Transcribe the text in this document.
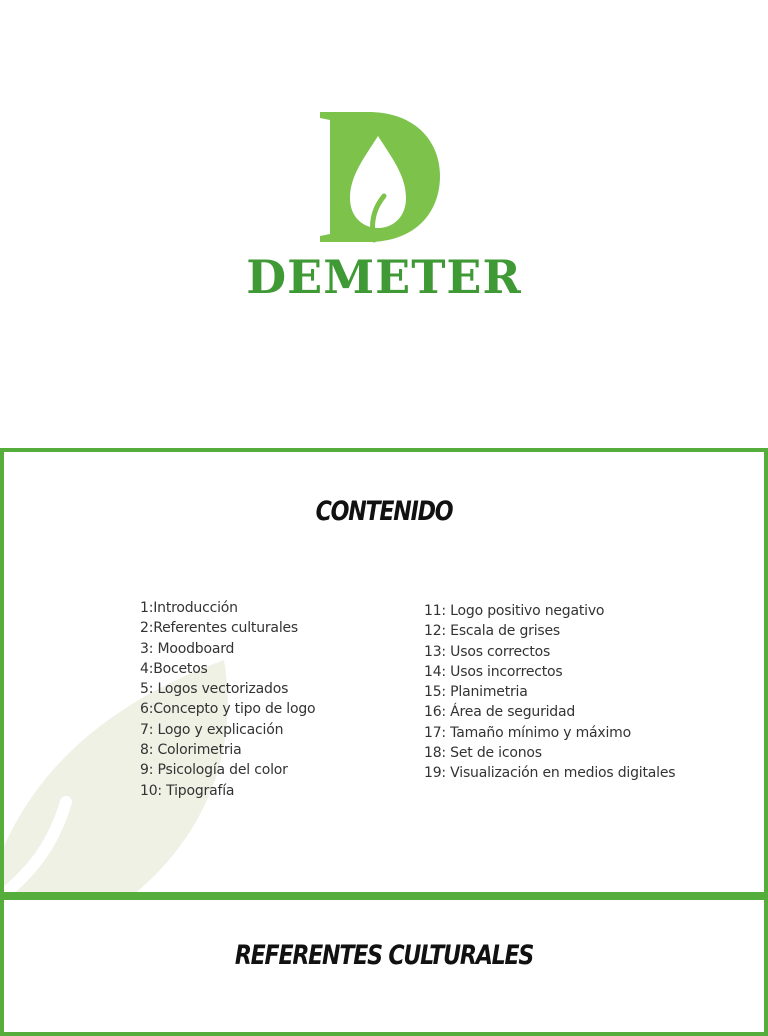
DEMETER
CONTENIDO
1:Introducción
2:Referentes culturales
3: Moodboard
4:Bocetos
5: Logos vectorizados
6:Concepto y tipo de logo
7: Logo y explicación
8: Colorimetria
9: Psicología del color
10: Tipografía
11: Logo positivo negativo
12: Escala de grises
13: Usos correctos
14: Usos incorrectos
15: Planimetria
16: Área de seguridad
17: Tamaño mínimo y máximo
18: Set de iconos
19: Visualización en medios digitales
REFERENTES CULTURALES
